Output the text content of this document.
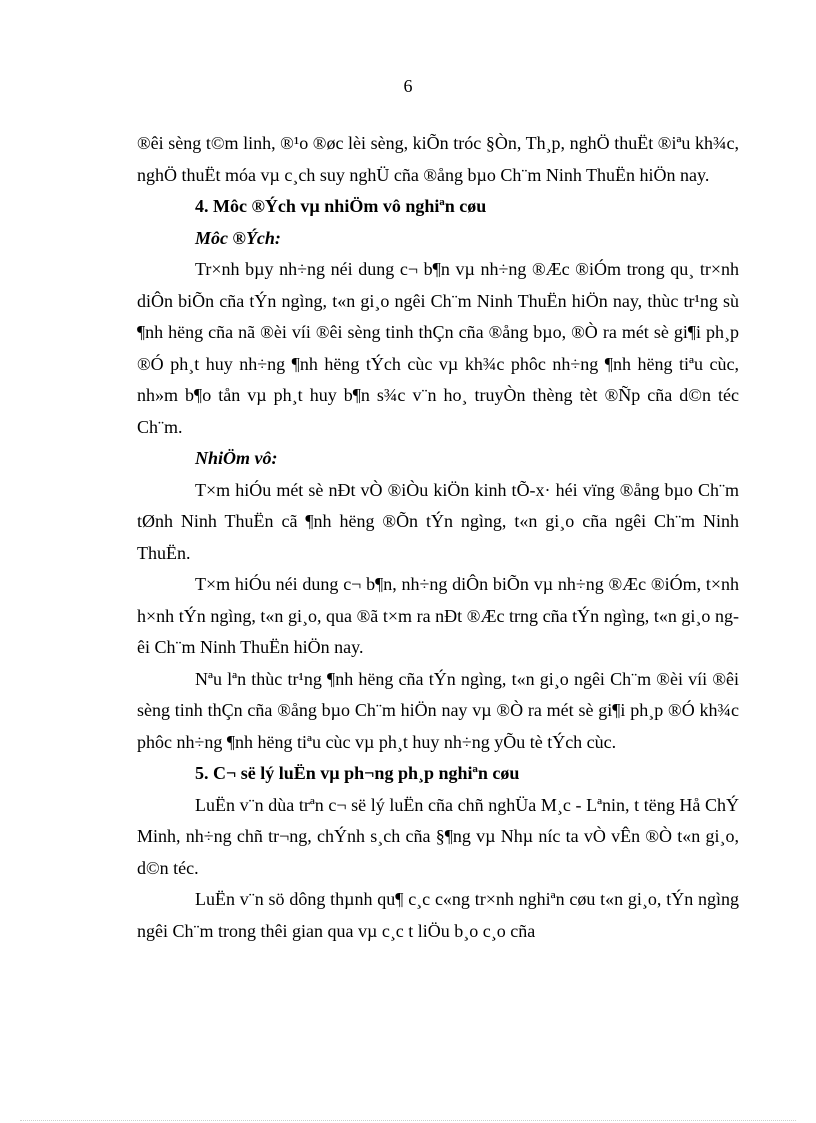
6

®êi sèng t©m linh, ®¹o ®øc lèi sèng, kiÕn tróc §Òn, Th¸p, nghÖ thuËt ®iªu kh¾c, nghÖ thuËt móa vµ c¸ch suy nghÜ cña ®ång bµo Ch¨m Ninh ThuËn hiÖn nay.

4. Môc ®Ých vµ nhiÖm vô nghiªn cøu

Môc ®Ých:

Tr×nh bµy nh÷ng néi dung c¬ b¶n vµ nh÷ng ®Æc ®iÓm trong qu¸ tr×nh diÔn biÕn cña tÝn ngìng, t«n gi¸o ngêi Ch¨m Ninh ThuËn hiÖn nay, thùc tr¹ng sù ¶nh hëng cña nã ®èi víi ®êi sèng tinh thÇn cña ®ång bµo, ®Ò ra mét sè gi¶i ph¸p ®Ó ph¸t huy nh÷ng ¶nh hëng tÝch cùc vµ kh¾c phôc nh÷ng ¶nh hëng tiªu cùc, nh»m b¶o tån vµ ph¸t huy b¶n s¾c v¨n ho¸ truyÒn thèng tèt ®Ñp cña d©n téc Ch¨m.

NhiÖm vô:

T×m hiÓu mét sè nÐt vÒ ®iÒu kiÖn kinh tÕ-x· héi vïng ®ång bµo Ch¨m tØnh Ninh ThuËn cã ¶nh hëng ®Õn tÝn ngìng, t«n gi¸o cña ngêi Ch¨m Ninh ThuËn.

T×m hiÓu néi dung c¬ b¶n, nh÷ng diÔn biÕn vµ nh÷ng ®Æc ®iÓm, t×nh h×nh tÝn ngìng, t«n gi¸o, qua ®ã t×m ra nÐt ®Æc trng cña tÝn ngìng, t«n gi¸o ngêi Ch¨m Ninh ThuËn hiÖn nay.

Nªu lªn thùc tr¹ng ¶nh hëng cña tÝn ngìng, t«n gi¸o ngêi Ch¨m ®èi víi ®êi sèng tinh thÇn cña ®ång bµo Ch¨m hiÖn nay vµ ®Ò ra mét sè gi¶i ph¸p ®Ó kh¾c phôc nh÷ng ¶nh hëng tiªu cùc vµ ph¸t huy nh÷ng yÕu tè tÝch cùc.

5. C¬ së lý luËn vµ ph¬ng ph¸p nghiªn cøu

LuËn v¨n dùa trªn c¬ së lý luËn cña chñ nghÜa M¸c - Lªnin, t tëng Hå ChÝ Minh, nh÷ng chñ tr¬ng, chÝnh s¸ch cña §¶ng vµ Nhµ níc ta vÒ vÊn ®Ò t«n gi¸o, d©n téc.

LuËn v¨n sö dông thµnh qu¶ c¸c c«ng tr×nh nghiªn cøu t«n gi¸o, tÝn ngìng ngêi Ch¨m trong thêi gian qua vµ c¸c t liÖu b¸o c¸o cña
